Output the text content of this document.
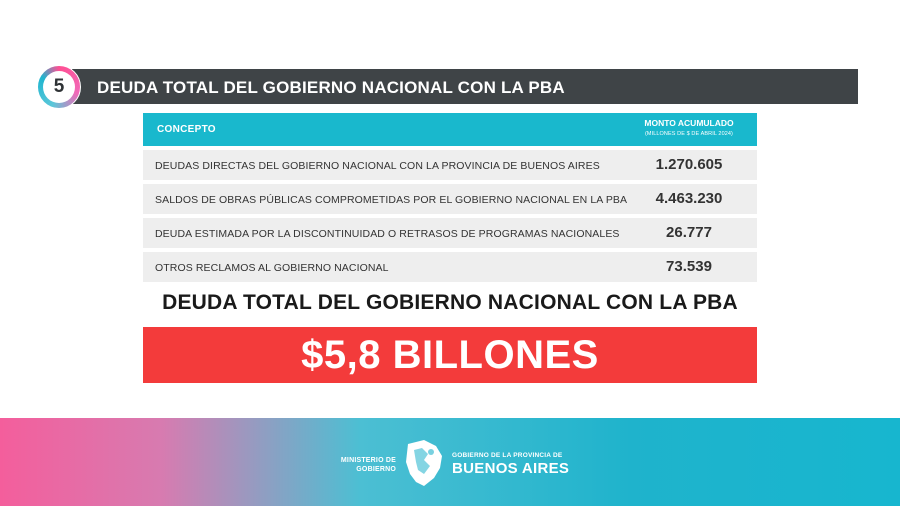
5	DEUDA TOTAL DEL GOBIERNO NACIONAL CON LA PBA
CONCEPTO
MONTO ACUMULADO
(MILLONES DE $ DE ABRIL 2024)
DEUDAS DIRECTAS DEL GOBIERNO NACIONAL CON LA PROVINCIA DE BUENOS AIRES	1.270.605
SALDOS DE OBRAS PÚBLICAS COMPROMETIDAS POR EL GOBIERNO NACIONAL EN LA PBA	4.463.230
DEUDA ESTIMADA POR LA DISCONTINUIDAD O RETRASOS DE PROGRAMAS NACIONALES	26.777
OTROS RECLAMOS AL GOBIERNO NACIONAL	73.539
DEUDA TOTAL DEL GOBIERNO NACIONAL CON LA PBA
$5,8 BILLONES
MINISTERIO DE
GOBIERNO
GOBIERNO DE LA PROVINCIA DE
BUENOS AIRES
